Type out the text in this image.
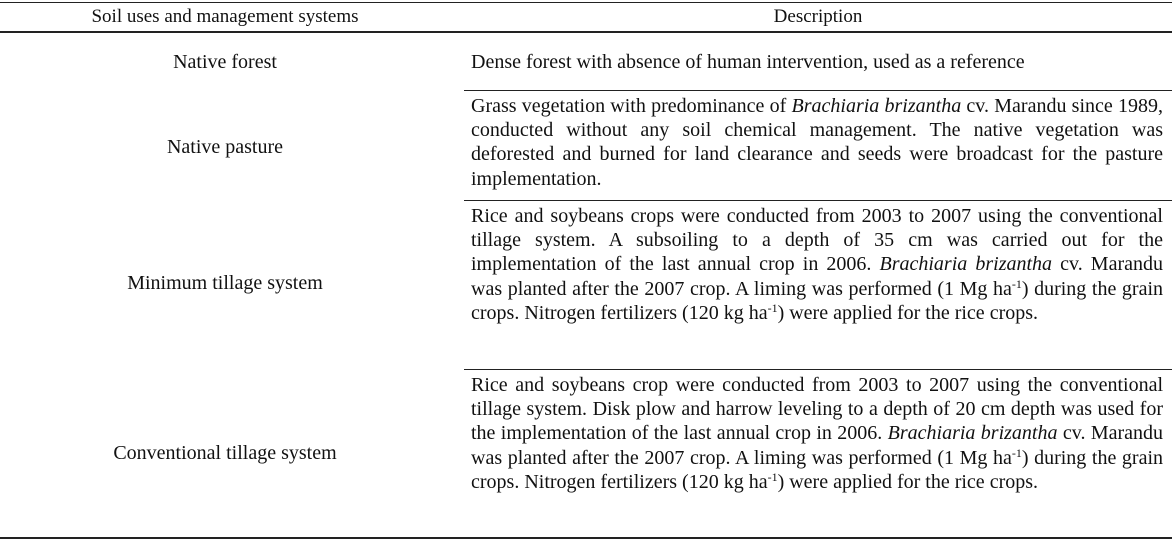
Soil uses and management systems	Description
Native forest	Dense forest with absence of human intervention, used as a reference

Native pasture

Grass vegetation with predominance of Brachiaria brizantha cv. Marandu since 1989, conducted without any soil chemical management. The native vegetation was deforested and burned for land clearance and seeds were broadcast for the pasture implementation.

Minimum tillage system

Rice and soybeans crops were conducted from 2003 to 2007 using the conventional tillage system. A subsoiling to a depth of 35 cm was carried out for the implementation of the last annual crop in 2006. Brachiaria brizantha cv. Marandu was planted after the 2007 crop. A liming was performed (1 Mg $ha^{-1}$) during the grain crops. Nitrogen fertilizers (120 kg $ha^{-1}$) were applied for the rice crops.

Conventional tillage system

Rice and soybeans crop were conducted from 2003 to 2007 using the conventional tillage system. Disk plow and harrow leveling to a depth of 20 cm depth was used for the implementation of the last annual crop in 2006. Brachiaria brizantha cv. Marandu was planted after the 2007 crop. A liming was performed (1 Mg $ha^{-1}$) during the grain crops. Nitrogen fertilizers (120 kg $ha^{-1}$) were applied for the rice crops.
